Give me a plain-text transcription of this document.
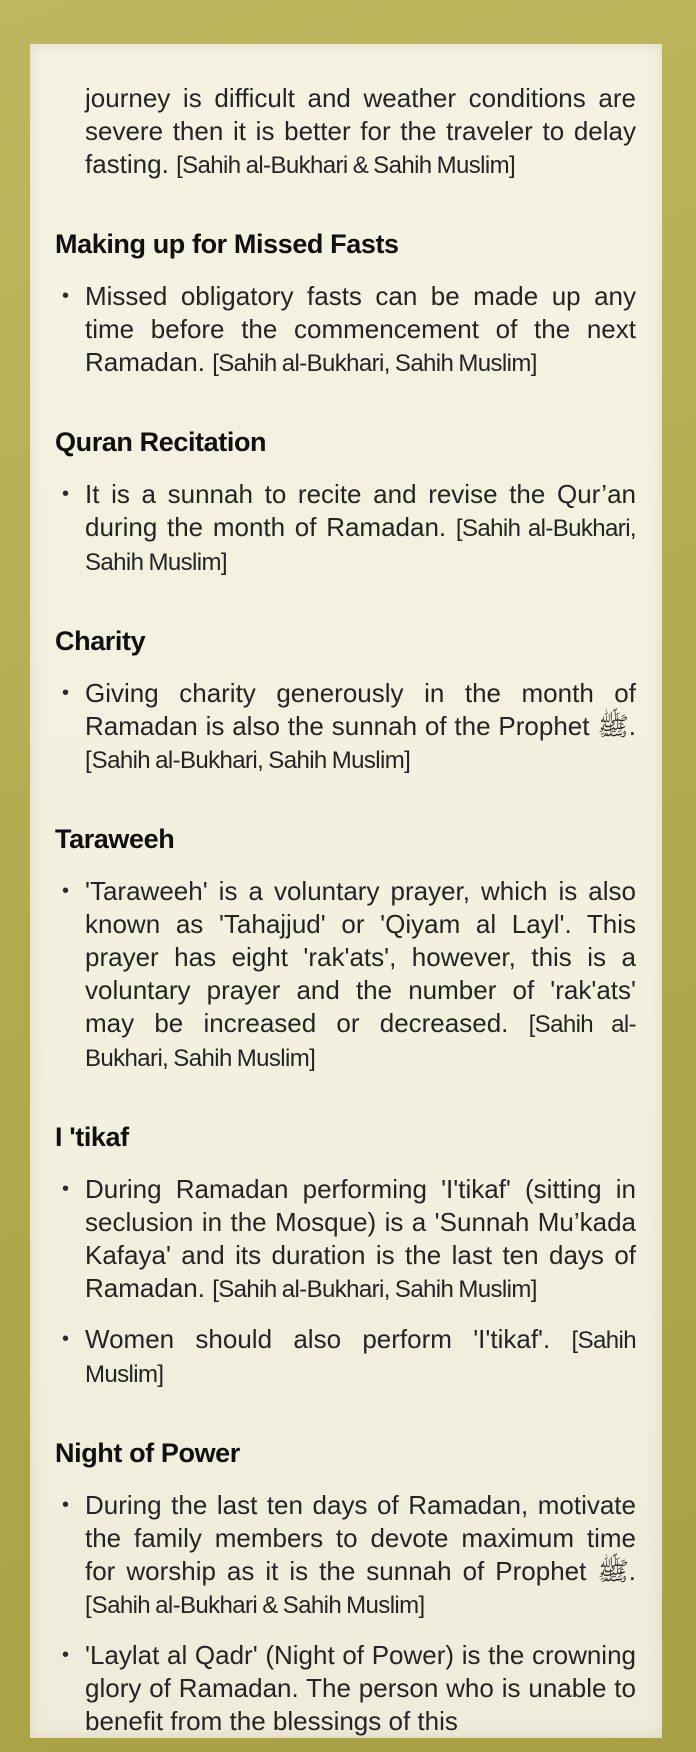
journey is difficult and weather conditions are severe then it is better for the traveler to delay fasting. [Sahih al-Bukhari & Sahih Muslim]

Making up for Missed Fasts
• Missed obligatory fasts can be made up any time before the commencement of the next Ramadan. [Sahih al-Bukhari, Sahih Muslim]

Quran Recitation
• It is a sunnah to recite and revise the Qur’an during the month of Ramadan. [Sahih al-Bukhari, Sahih Muslim]

Charity
• Giving charity generously in the month of Ramadan is also the sunnah of the Prophet ﷺ. [Sahih al-Bukhari, Sahih Muslim]

Taraweeh
• 'Taraweeh' is a voluntary prayer, which is also known as 'Tahajjud' or 'Qiyam al Layl'. This prayer has eight 'rak'ats', however, this is a voluntary prayer and the number of 'rak'ats' may be increased or decreased. [Sahih al-Bukhari, Sahih Muslim]

I 'tikaf
• During Ramadan performing 'I'tikaf' (sitting in seclusion in the Mosque) is a 'Sunnah Mu’kada Kafaya' and its duration is the last ten days of Ramadan. [Sahih al-Bukhari, Sahih Muslim]

• Women should also perform 'I'tikaf'. [Sahih Muslim]

Night of Power
• During the last ten days of Ramadan, motivate the family members to devote maximum time for worship as it is the sunnah of Prophet ﷺ. [Sahih al-Bukhari & Sahih Muslim]

• 'Laylat al Qadr' (Night of Power) is the crowning glory of Ramadan. The person who is unable to benefit from the blessings of this
